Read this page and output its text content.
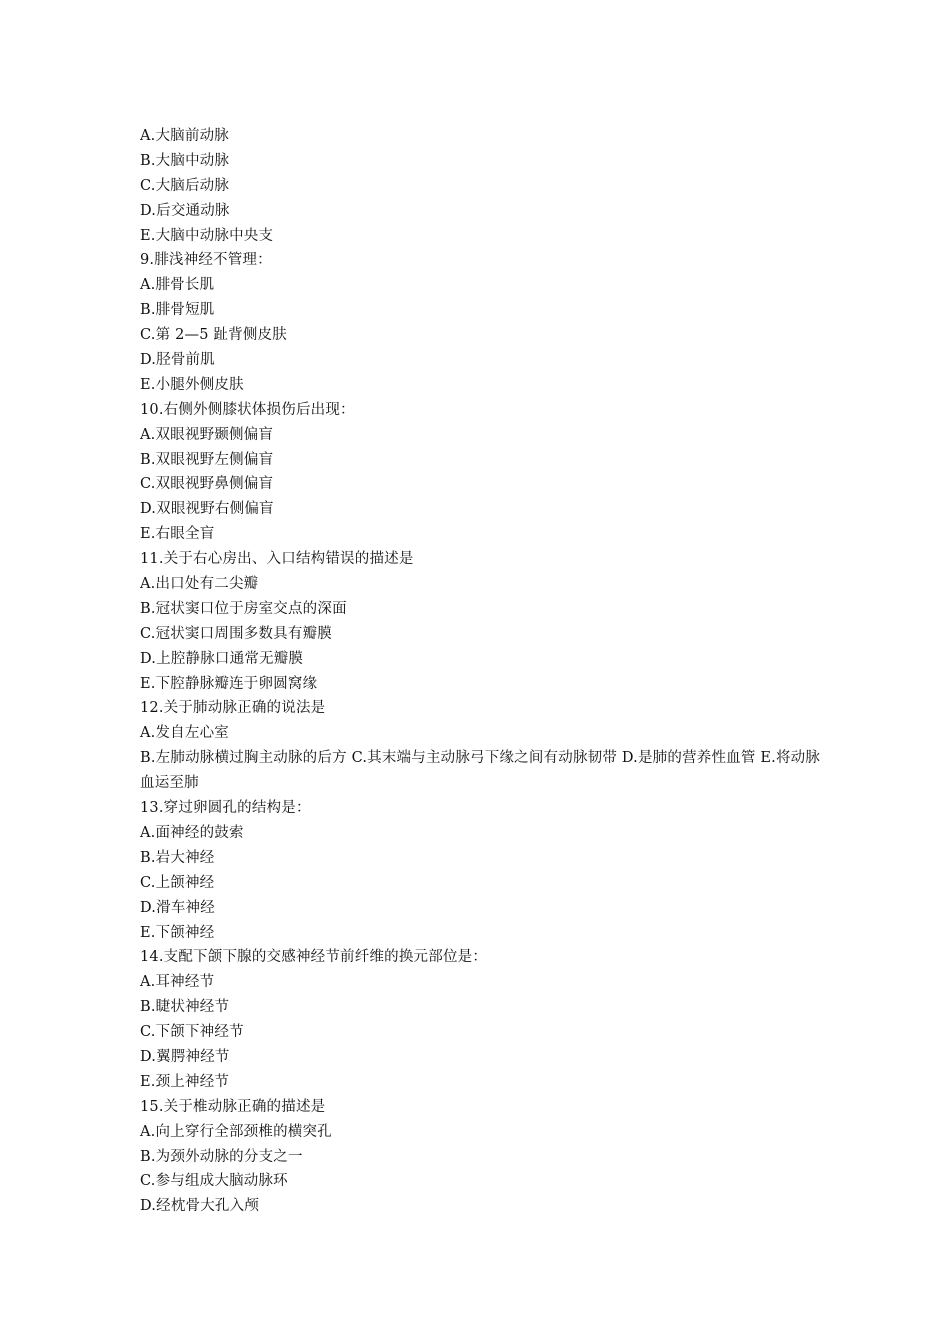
A.大脑前动脉
B.大脑中动脉
C.大脑后动脉
D.后交通动脉
E.大脑中动脉中央支
9.腓浅神经不管理：
A.腓骨长肌
B.腓骨短肌
C.第 2—5 趾背侧皮肤
D.胫骨前肌
E.小腿外侧皮肤
10.右侧外侧膝状体损伤后出现：
A.双眼视野颞侧偏盲
B.双眼视野左侧偏盲
C.双眼视野鼻侧偏盲
D.双眼视野右侧偏盲
E.右眼全盲
11.关于右心房出、入口结构错误的描述是
A.出口处有二尖瓣
B.冠状窦口位于房室交点的深面
C.冠状窦口周围多数具有瓣膜
D.上腔静脉口通常无瓣膜
E.下腔静脉瓣连于卵圆窝缘
12.关于肺动脉正确的说法是
A.发自左心室
B.左肺动脉横过胸主动脉的后方 C.其末端与主动脉弓下缘之间有动脉韧带 D.是肺的营养性血管 E.将动脉血运至肺
13.穿过卵圆孔的结构是：
A.面神经的鼓索
B.岩大神经
C.上颌神经
D.滑车神经
E.下颌神经
14.支配下颌下腺的交感神经节前纤维的换元部位是：
A.耳神经节
B.睫状神经节
C.下颌下神经节
D.翼腭神经节
E.颈上神经节
15.关于椎动脉正确的描述是
A.向上穿行全部颈椎的横突孔
B.为颈外动脉的分支之一
C.参与组成大脑动脉环
D.经枕骨大孔入颅
